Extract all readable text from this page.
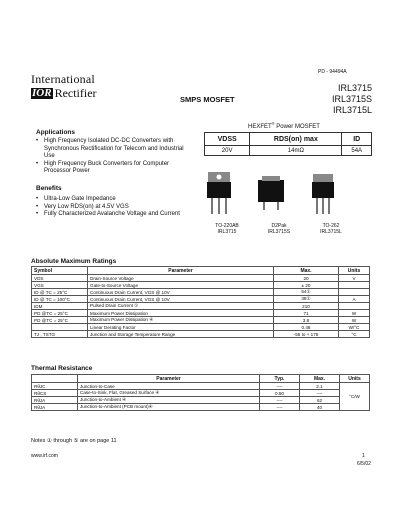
PD - 94494A
International
IOR Rectifier	SMPS MOSFET
IRL3715
IRL3715S
IRL3715L
HEXFET® Power MOSFET
VDSS	RDS(on) max	ID
20V	14mΩ	54A
Applications
• High Frequency Isolated DC-DC Converters with Synchronous Rectification for Telecom and Industrial Use
• High Frequency Buck Converters for Computer Processor Power
Benefits
• Ultra-Low Gate Impedance
• Very Low RDS(on) at 4.5V VGS
• Fully Characterized Avalanche Voltage and Current
TO-220AB
IRL3715
D2Pak
IRL3715S
TO-262
IRL3715L
Absolute Maximum Ratings
Symbol	Parameter	Max.	Units
VDS	Drain-Source Voltage	20	V
VGS	Gate-to-Source Voltage	± 20	
ID @ TC = 25°C	Continuous Drain Current, VGS @ 10V	54①	
ID @ TC = 100°C	Continuous Drain Current, VGS @ 10V	38①	A
IDM	Pulsed Drain Current ①	210	
PD @TC = 25°C	Maximum Power Dissipation	71	W
PD @TC = 25°C	Maximum Power Dissipation ④	3.8	W
	Linear Derating Factor	0.48	W/°C
TJ , TSTG	Junction and Storage Temperature Range	-55 to + 175	°C
Thermal Resistance
	Parameter	Typ.	Max.	Units
RθJC	Junction-to-Case	----	2.1	°C/W
RθCS	Case-to-Sink, Flat, Greased Surface ④	0.50	----	
RθJA	Junction-to-Ambient ④	----	62	
RθJA	Junction-to-Ambient (PCB mount)④	----	40	
Notes ① through ⑤ are on page 11
www.irf.com	1
6/5/02
